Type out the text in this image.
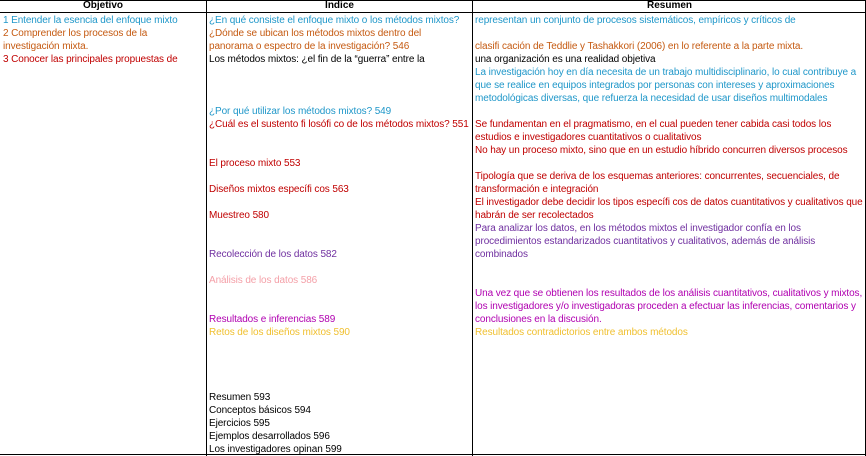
Objetivo	Índice	Resumen
1 Entender la esencia del enfoque mixto
2 Comprender los procesos de la investigación mixta.
3 Conocer las principales propuestas de
¿En qué consiste el enfoque mixto o los métodos mixtos?
¿Dónde se ubican los métodos mixtos dentro del panorama o espectro de la investigación? 546
Los métodos mixtos: ¿el fin de la “guerra” entre la
¿Por qué utilizar los métodos mixtos? 549
¿Cuál es el sustento fi losófi co de los métodos mixtos? 551
El proceso mixto 553
Diseños mixtos específi cos 563
Muestreo 580
Recolección de los datos 582
Análisis de los datos 586
Resultados e inferencias 589
Retos de los diseños mixtos 590
Resumen 593
Conceptos básicos 594
Ejercicios 595
Ejemplos desarrollados 596
Los investigadores opinan 599
representan un conjunto de procesos sistemáticos, empíricos y críticos de
clasifi cación de Teddlie y Tashakkori (2006) en lo referente a la parte mixta.
una organización es una realidad objetiva
La investigación hoy en día necesita de un trabajo multidisciplinario, lo cual contribuye a que se realice en equipos integrados por personas con intereses y aproximaciones metodológicas diversas, que refuerza la necesidad de usar diseños multimodales
Se fundamentan en el pragmatismo, en el cual pueden tener cabida casi todos los estudios e investigadores cuantitativos o cualitativos
No hay un proceso mixto, sino que en un estudio híbrido concurren diversos procesos
Tipología que se deriva de los esquemas anteriores: concurrentes, secuenciales, de transformación e integración
El investigador debe decidir los tipos específi cos de datos cuantitativos y cualitativos que habrán de ser recolectados
Para analizar los datos, en los métodos mixtos el investigador confía en los procedimientos estandarizados cuantitativos y cualitativos, además de análisis combinados
Una vez que se obtienen los resultados de los análisis cuantitativos, cualitativos y mixtos, los investigadores y/o investigadoras proceden a efectuar las inferencias, comentarios y conclusiones en la discusión.
Resultados contradictorios entre ambos métodos
